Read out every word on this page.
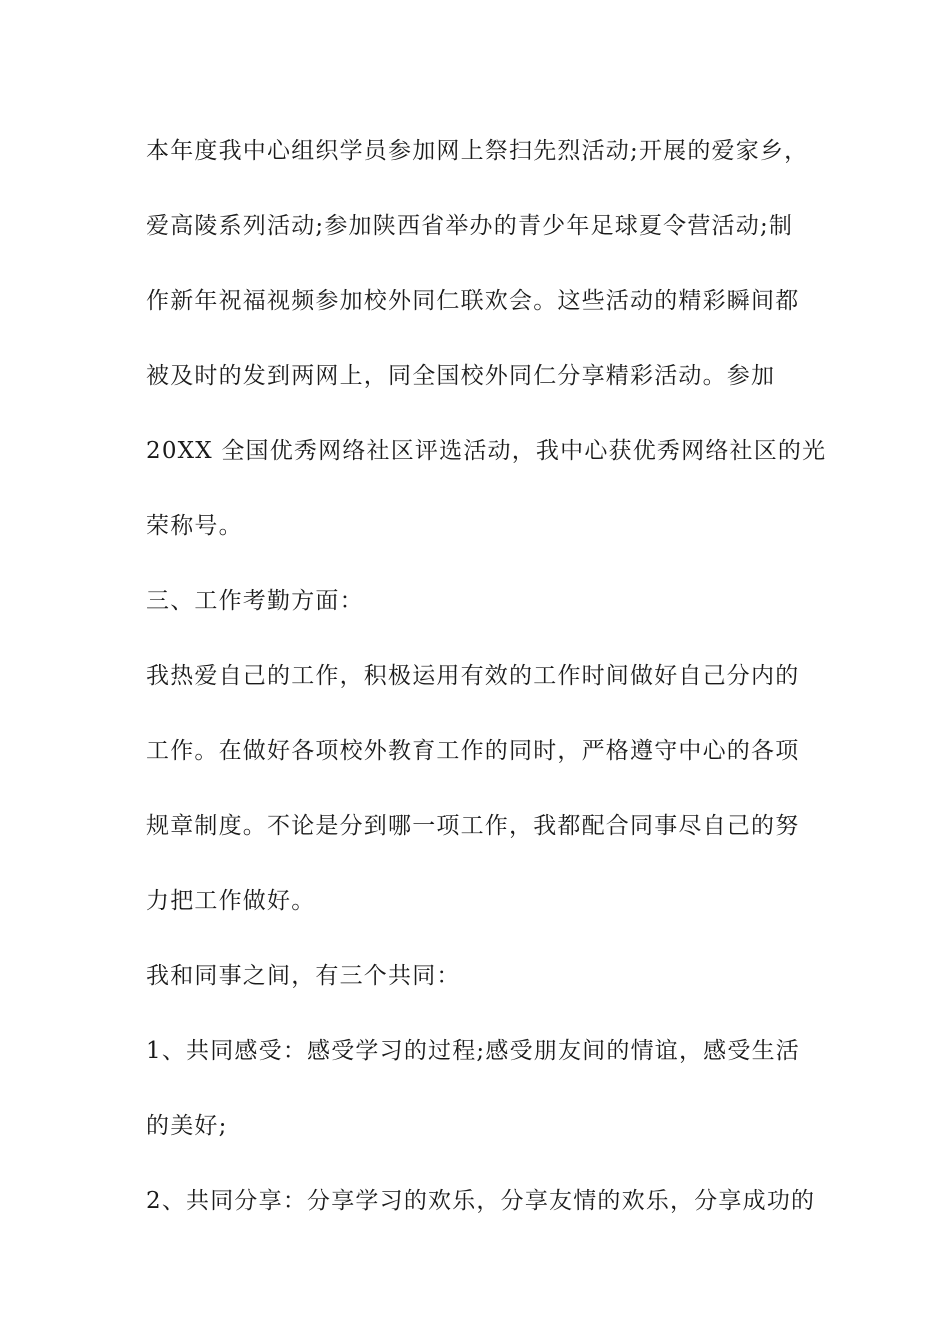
本年度我中心组织学员参加网上祭扫先烈活动;开展的爱家乡，
爱高陵系列活动;参加陕西省举办的青少年足球夏令营活动;制
作新年祝福视频参加校外同仁联欢会。这些活动的精彩瞬间都
被及时的发到两网上，同全国校外同仁分享精彩活动。参加
20XX 全国优秀网络社区评选活动，我中心获优秀网络社区的光
荣称号。
三、工作考勤方面：
我热爱自己的工作，积极运用有效的工作时间做好自己分内的
工作。在做好各项校外教育工作的同时，严格遵守中心的各项
规章制度。不论是分到哪一项工作，我都配合同事尽自己的努
力把工作做好。
我和同事之间，有三个共同：
1、共同感受：感受学习的过程;感受朋友间的情谊，感受生活
的美好;
2、共同分享：分享学习的欢乐，分享友情的欢乐，分享成功的
